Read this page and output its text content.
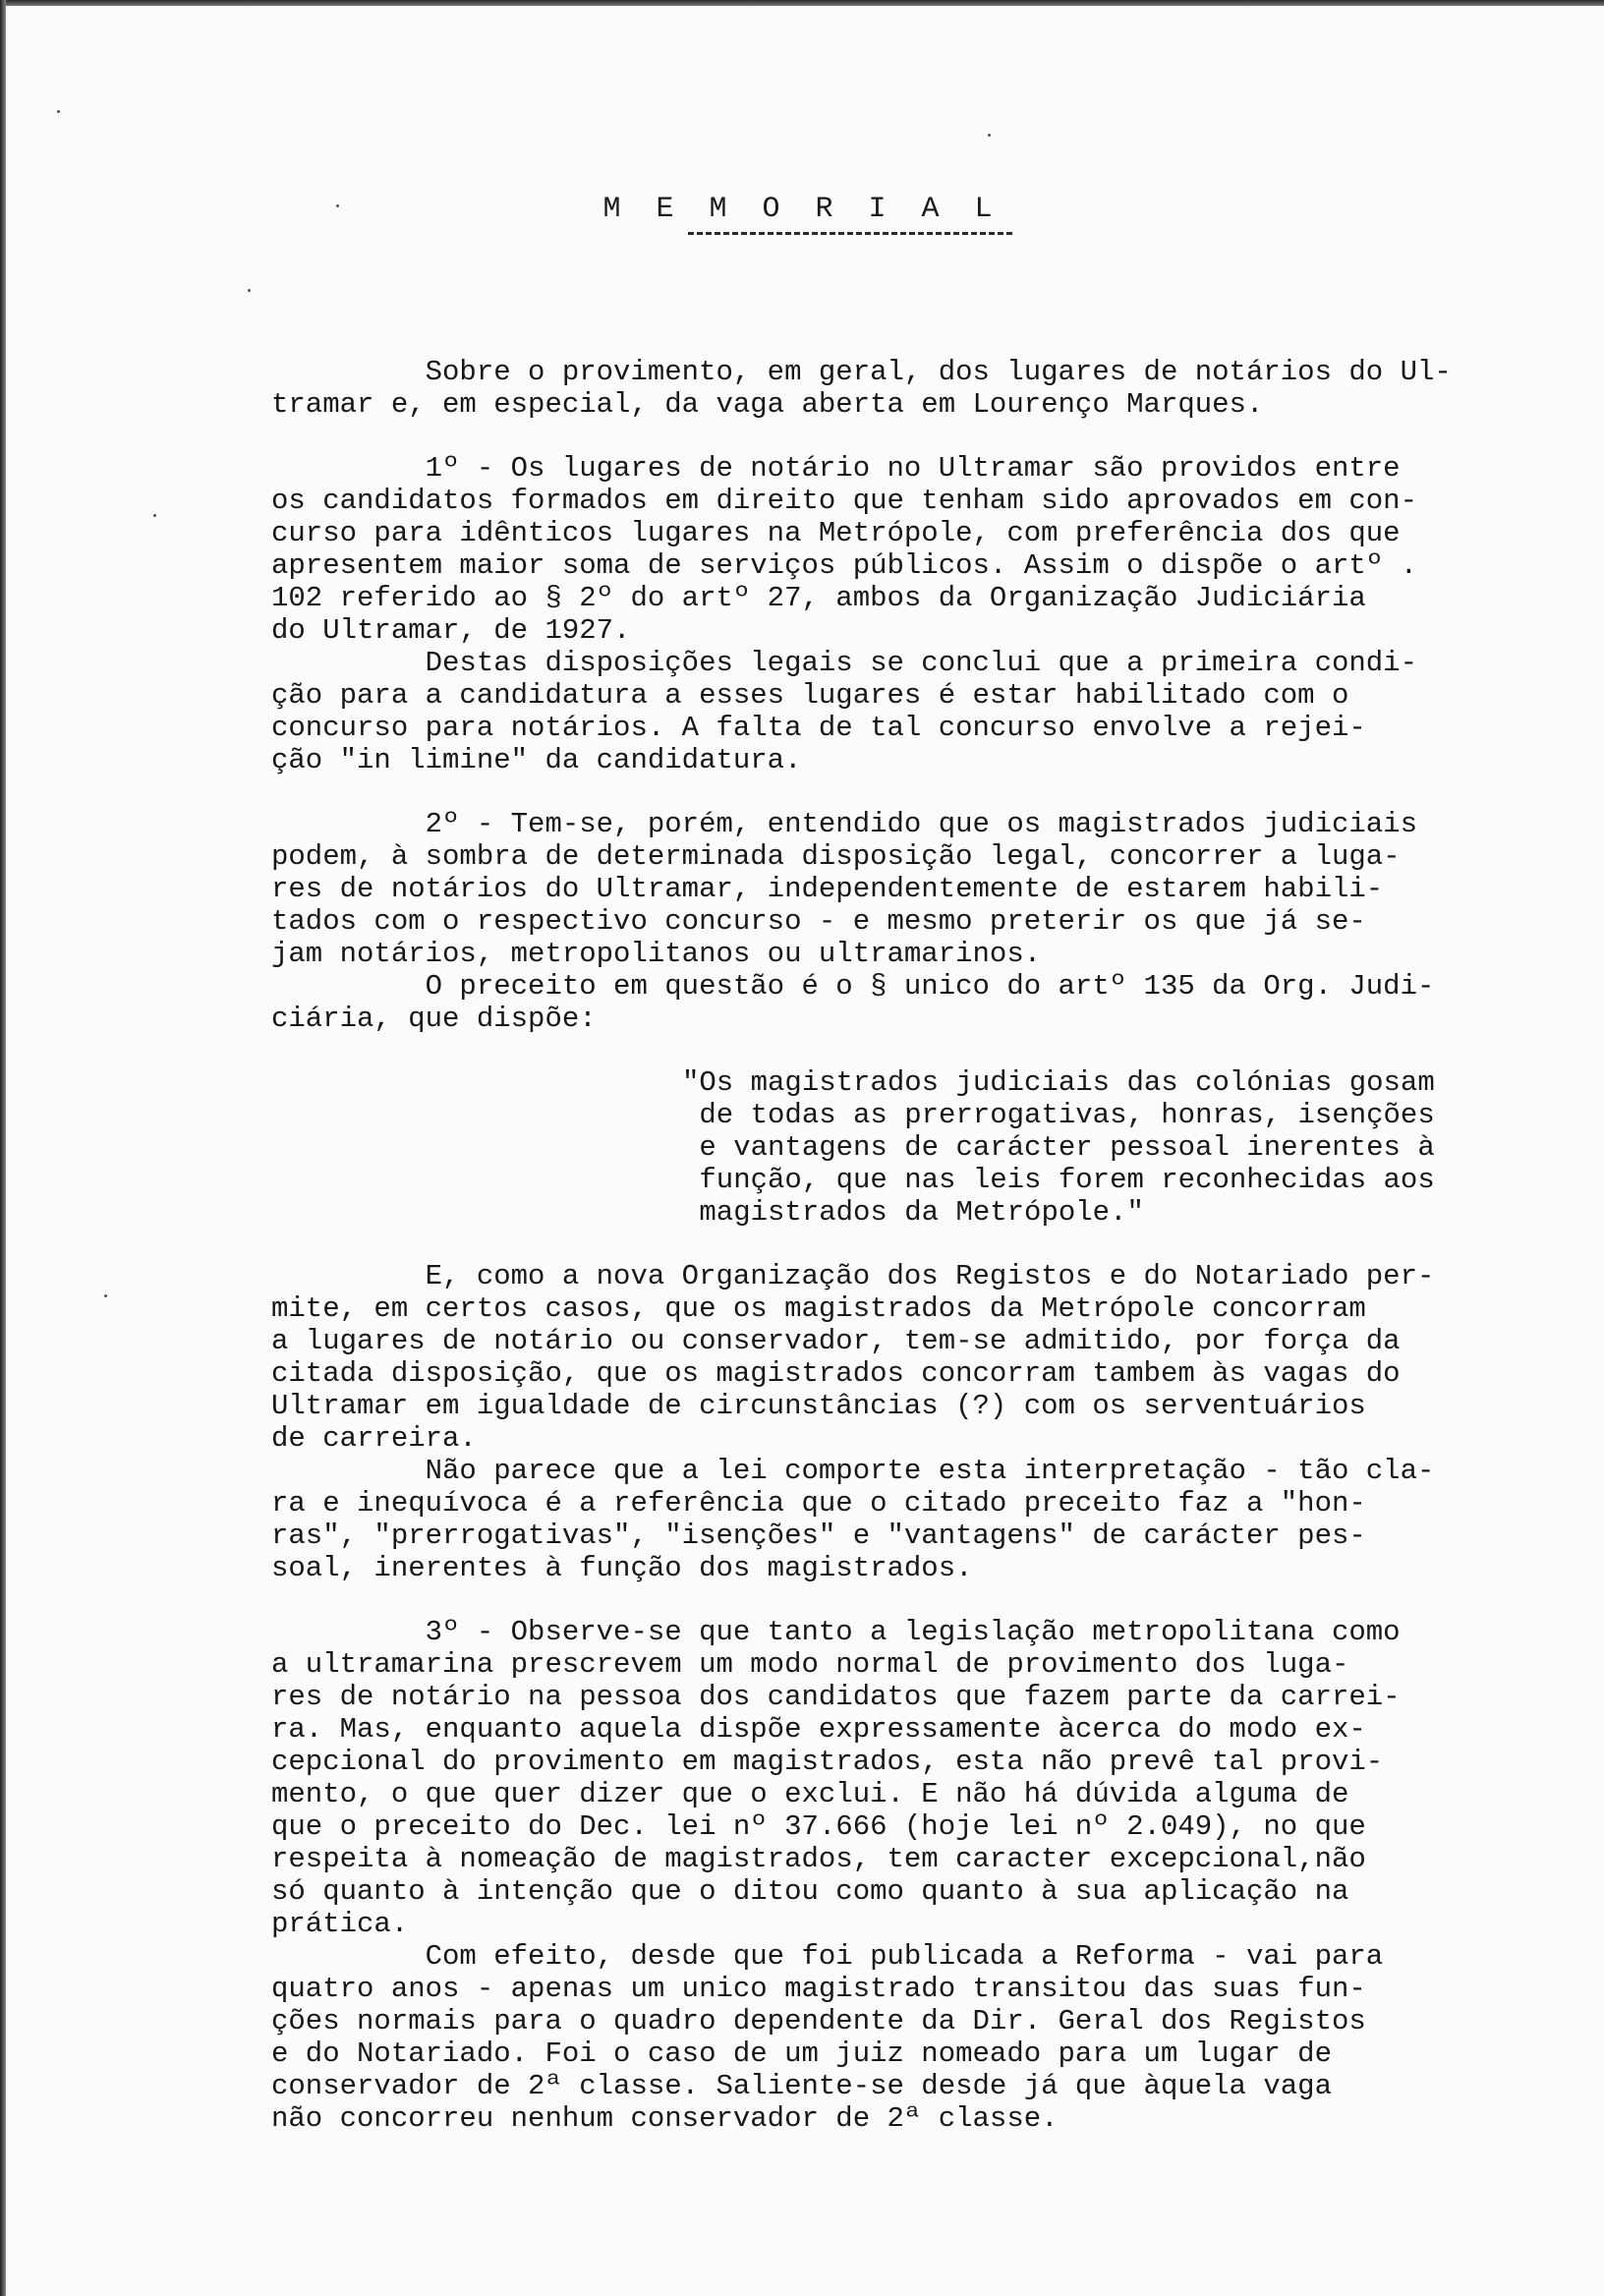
M E M O R I A L

Sobre o provimento, em geral, dos lugares de notários do Ul-

tramar e, em especial, da vaga aberta em Lourenço Marques.

1º - Os lugares de notário no Ultramar são providos entre

os candidatos formados em direito que tenham sido aprovados em con-

curso para idênticos lugares na Metrópole, com preferência dos que

apresentem maior soma de serviços públicos. Assim o dispõe o artº .

102 referido ao § 2º do artº 27, ambos da Organização Judiciária

do Ultramar, de 1927.

Destas disposições legais se conclui que a primeira condi-

ção para a candidatura a esses lugares é estar habilitado com o

concurso para notários. A falta de tal concurso envolve a rejei-

ção "in limine" da candidatura.

2º - Tem-se, porém, entendido que os magistrados judiciais

podem, à sombra de determinada disposição legal, concorrer a luga-

res de notários do Ultramar, independentemente de estarem habili-

tados com o respectivo concurso - e mesmo preterir os que já se-

jam notários, metropolitanos ou ultramarinos.

O preceito em questão é o § unico do artº 135 da Org. Judi-

ciária, que dispõe:

"Os magistrados judiciais das colónias gosam

de todas as prerrogativas, honras, isenções

e vantagens de carácter pessoal inerentes à

função, que nas leis forem reconhecidas aos

magistrados da Metrópole."

E, como a nova Organização dos Registos e do Notariado per-

mite, em certos casos, que os magistrados da Metrópole concorram

a lugares de notário ou conservador, tem-se admitido, por força da

citada disposição, que os magistrados concorram tambem às vagas do

Ultramar em igualdade de circunstâncias (?) com os serventuários

de carreira.

Não parece que a lei comporte esta interpretação - tão cla-

ra e inequívoca é a referência que o citado preceito faz a "hon-

ras", "prerrogativas", "isenções" e "vantagens" de carácter pes-

soal, inerentes à função dos magistrados.

3º - Observe-se que tanto a legislação metropolitana como

a ultramarina prescrevem um modo normal de provimento dos luga-

res de notário na pessoa dos candidatos que fazem parte da carrei-

ra. Mas, enquanto aquela dispõe expressamente àcerca do modo ex-

cepcional do provimento em magistrados, esta não prevê tal provi-

mento, o que quer dizer que o exclui. E não há dúvida alguma de

que o preceito do Dec. lei nº 37.666 (hoje lei nº 2.049), no que

respeita à nomeação de magistrados, tem caracter excepcional,não

só quanto à intenção que o ditou como quanto à sua aplicação na

prática.

Com efeito, desde que foi publicada a Reforma - vai para

quatro anos - apenas um unico magistrado transitou das suas fun-

ções normais para o quadro dependente da Dir. Geral dos Registos

e do Notariado. Foi o caso de um juiz nomeado para um lugar de

conservador de 2ª classe. Saliente-se desde já que àquela vaga

não concorreu nenhum conservador de 2ª classe.
